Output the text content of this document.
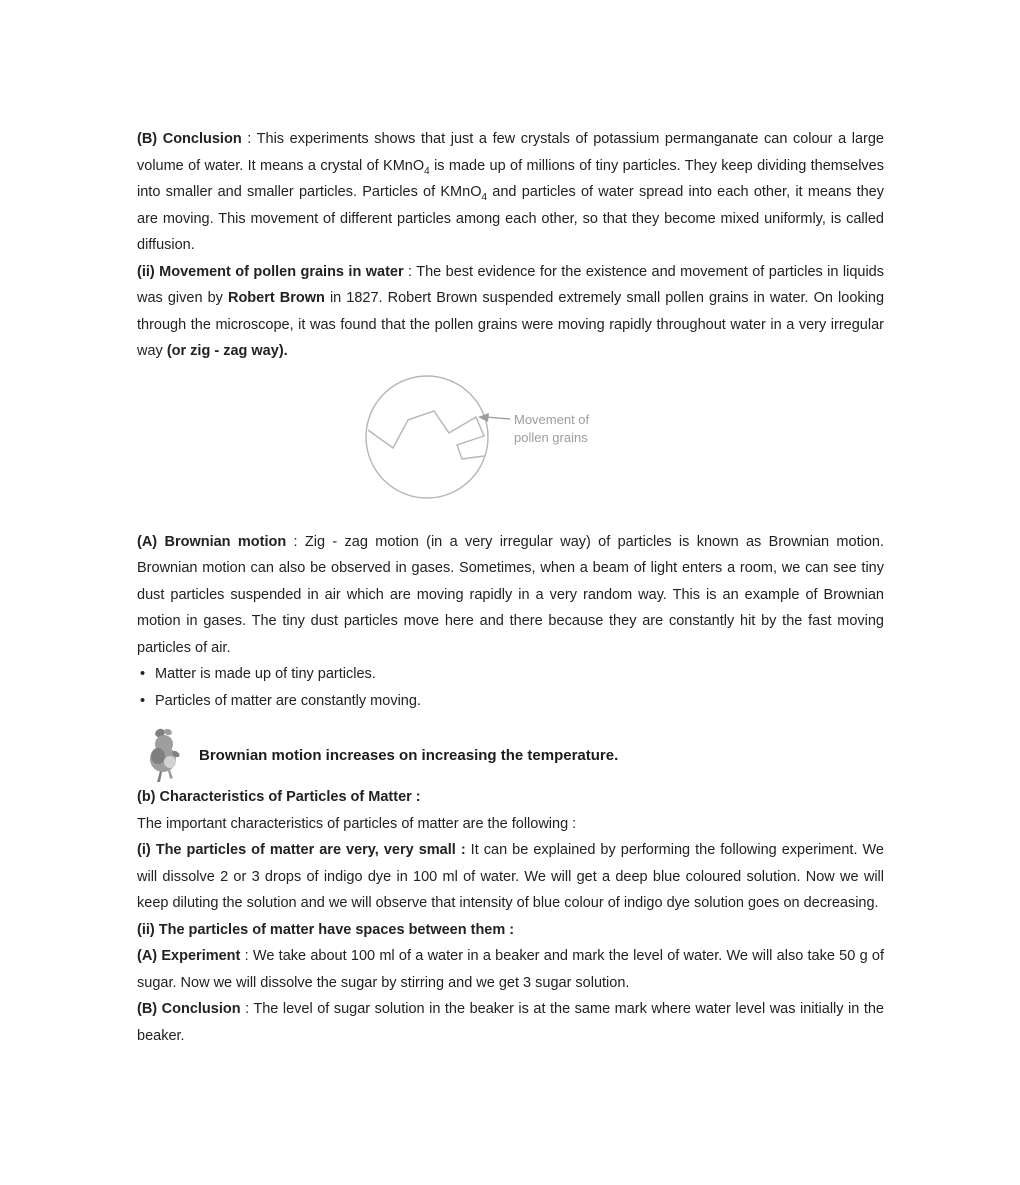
(B) Conclusion : This experiments shows that just a few crystals of potassium permanganate can colour a large volume of water. It means a crystal of KMnO$_4$ is made up of millions of tiny particles. They keep dividing themselves into smaller and smaller particles. Particles of KMnO$_4$ and particles of water spread into each other, it means they are moving. This movement of different particles among each other, so that they become mixed uniformly, is called diffusion.

(ii) Movement of pollen grains in water : The best evidence for the existence and movement of particles in liquids was given by Robert Brown in 1827. Robert Brown suspended extremely small pollen grains in water. On looking through the microscope, it was found that the pollen grains were moving rapidly throughout water in a very irregular way (or zig - zag way).

Movement of
pollen grains

(A) Brownian motion : Zig - zag motion (in a very irregular way) of particles is known as Brownian motion. Brownian motion can also be observed in gases. Sometimes, when a beam of light enters a room, we can see tiny dust particles suspended in air which are moving rapidly in a very random way. This is an example of Brownian motion in gases. The tiny dust particles move here and there because they are constantly hit by the fast moving particles of air.

• Matter is made up of tiny particles.
• Particles of matter are constantly moving.
Brownian motion increases on increasing the temperature.

(b) Characteristics of Particles of Matter :

The important characteristics of particles of matter are the following :

(i) The particles of matter are very, very small : It can be explained by performing the following experiment. We will dissolve 2 or 3 drops of indigo dye in 100 ml of water. We will get a deep blue coloured solution. Now we will keep diluting the solution and we will observe that intensity of blue colour of indigo dye solution goes on decreasing.

(ii) The particles of matter have spaces between them :

(A) Experiment : We take about 100 ml of a water in a beaker and mark the level of water. We will also take 50 g of sugar. Now we will dissolve the sugar by stirring and we get 3 sugar solution.

(B) Conclusion : The level of sugar solution in the beaker is at the same mark where water level was initially in the beaker.
